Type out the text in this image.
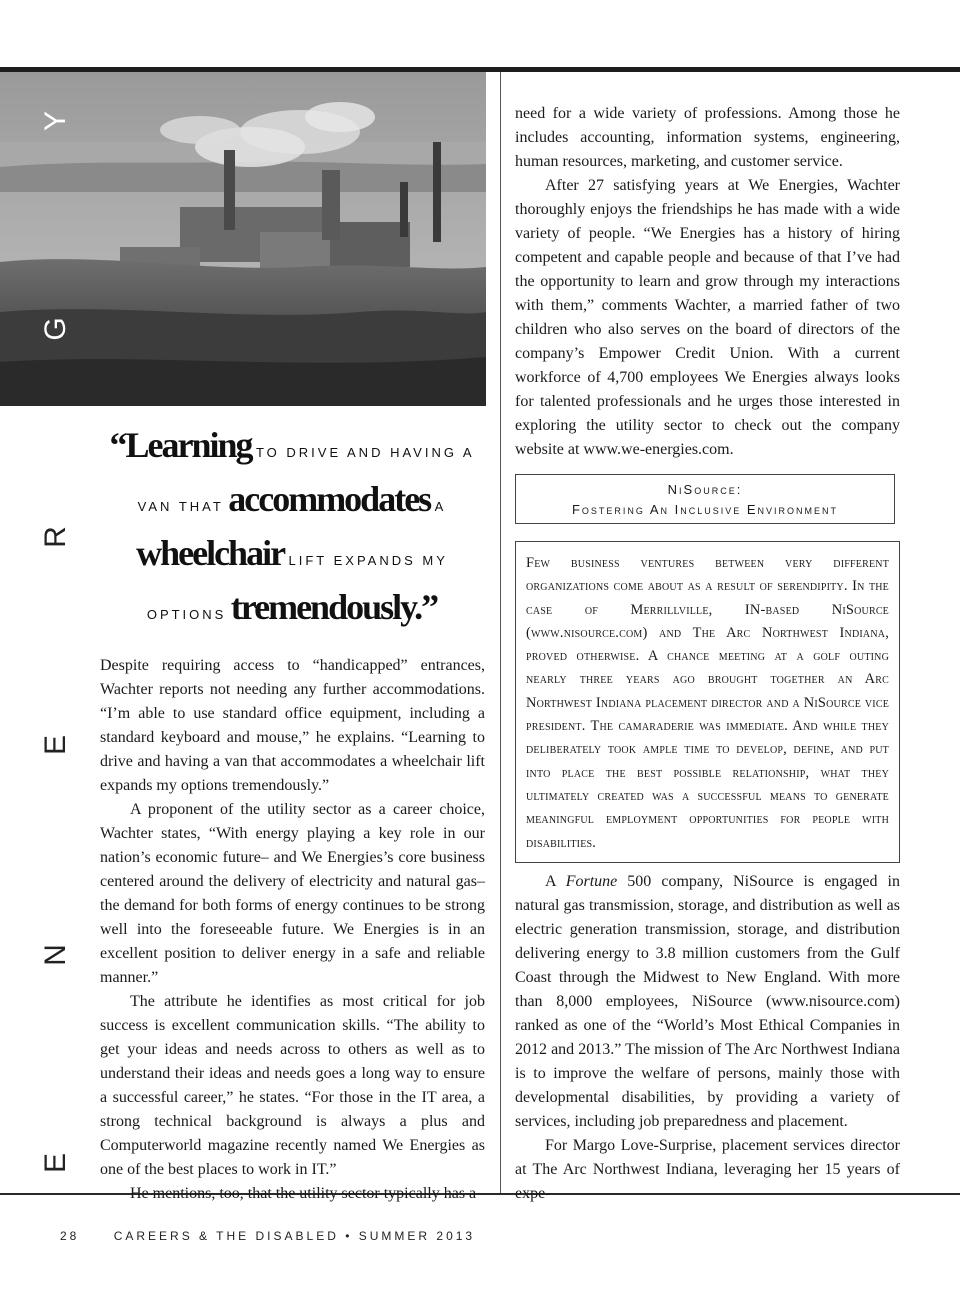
Y
G
R
E
N
E
“Learning TO DRIVE AND HAVING A
VAN THAT accommodates A
wheelchair LIFT EXPANDS MY
OPTIONS tremendously.”

Despite requiring access to “handicapped” entrances, Wachter reports not needing any further accommodations. “I’m able to use standard office equipment, including a standard keyboard and mouse,” he explains. “Learning to drive and having a van that accommodates a wheelchair lift expands my options tremendously.”

A proponent of the utility sector as a career choice, Wachter states, “With energy playing a key role in our nation’s economic future– and We Energies’s core business centered around the delivery of electricity and natural gas– the demand for both forms of energy continues to be strong well into the foreseeable future. We Energies is in an excellent position to deliver energy in a safe and reliable manner.”

The attribute he identifies as most critical for job success is excellent communication skills. “The ability to get your ideas and needs across to others as well as to understand their ideas and needs goes a long way to ensure a successful career,” he states. “For those in the IT area, a strong technical background is always a plus and Computerworld magazine recently named We Energies as one of the best places to work in IT.”

He mentions, too, that the utility sector typically has a

need for a wide variety of professions. Among those he includes accounting, information systems, engineering, human resources, marketing, and customer service.

After 27 satisfying years at We Energies, Wachter thoroughly enjoys the friendships he has made with a wide variety of people. “We Energies has a history of hiring competent and capable people and because of that I’ve had the opportunity to learn and grow through my interactions with them,” comments Wachter, a married father of two children who also serves on the board of directors of the company’s Empower Credit Union. With a current workforce of 4,700 employees We Energies always looks for talented professionals and he urges those interested in exploring the utility sector to check out the company website at www.we-energies.com.

NiSource:
Fostering An Inclusive Environment

Few business ventures between very different organizations come about as a result of serendipity. In the case of Merrillville, IN-based NiSource (www.nisource.com) and The Arc Northwest Indiana, proved otherwise. A chance meeting at a golf outing nearly three years ago brought together an Arc Northwest Indiana placement director and a NiSource vice president. The camaraderie was immediate. And while they deliberately took ample time to develop, define, and put into place the best possible relationship, what they ultimately created was a successful means to generate meaningful employment opportunities for people with disabilities.

A Fortune 500 company, NiSource is engaged in natural gas transmission, storage, and distribution as well as electric generation transmission, storage, and distribution delivering energy to 3.8 million customers from the Gulf Coast through the Midwest to New England. With more than 8,000 employees, NiSource (www.nisource.com) ranked as one of the “World’s Most Ethical Companies in 2012 and 2013.” The mission of The Arc Northwest Indiana is to improve the welfare of persons, mainly those with developmental disabilities, by providing a variety of services, including job preparedness and placement.

For Margo Love-Surprise, placement services director at The Arc Northwest Indiana, leveraging her 15 years of expe-

28	CAREERS & THE DISABLED • SUMMER 2013
